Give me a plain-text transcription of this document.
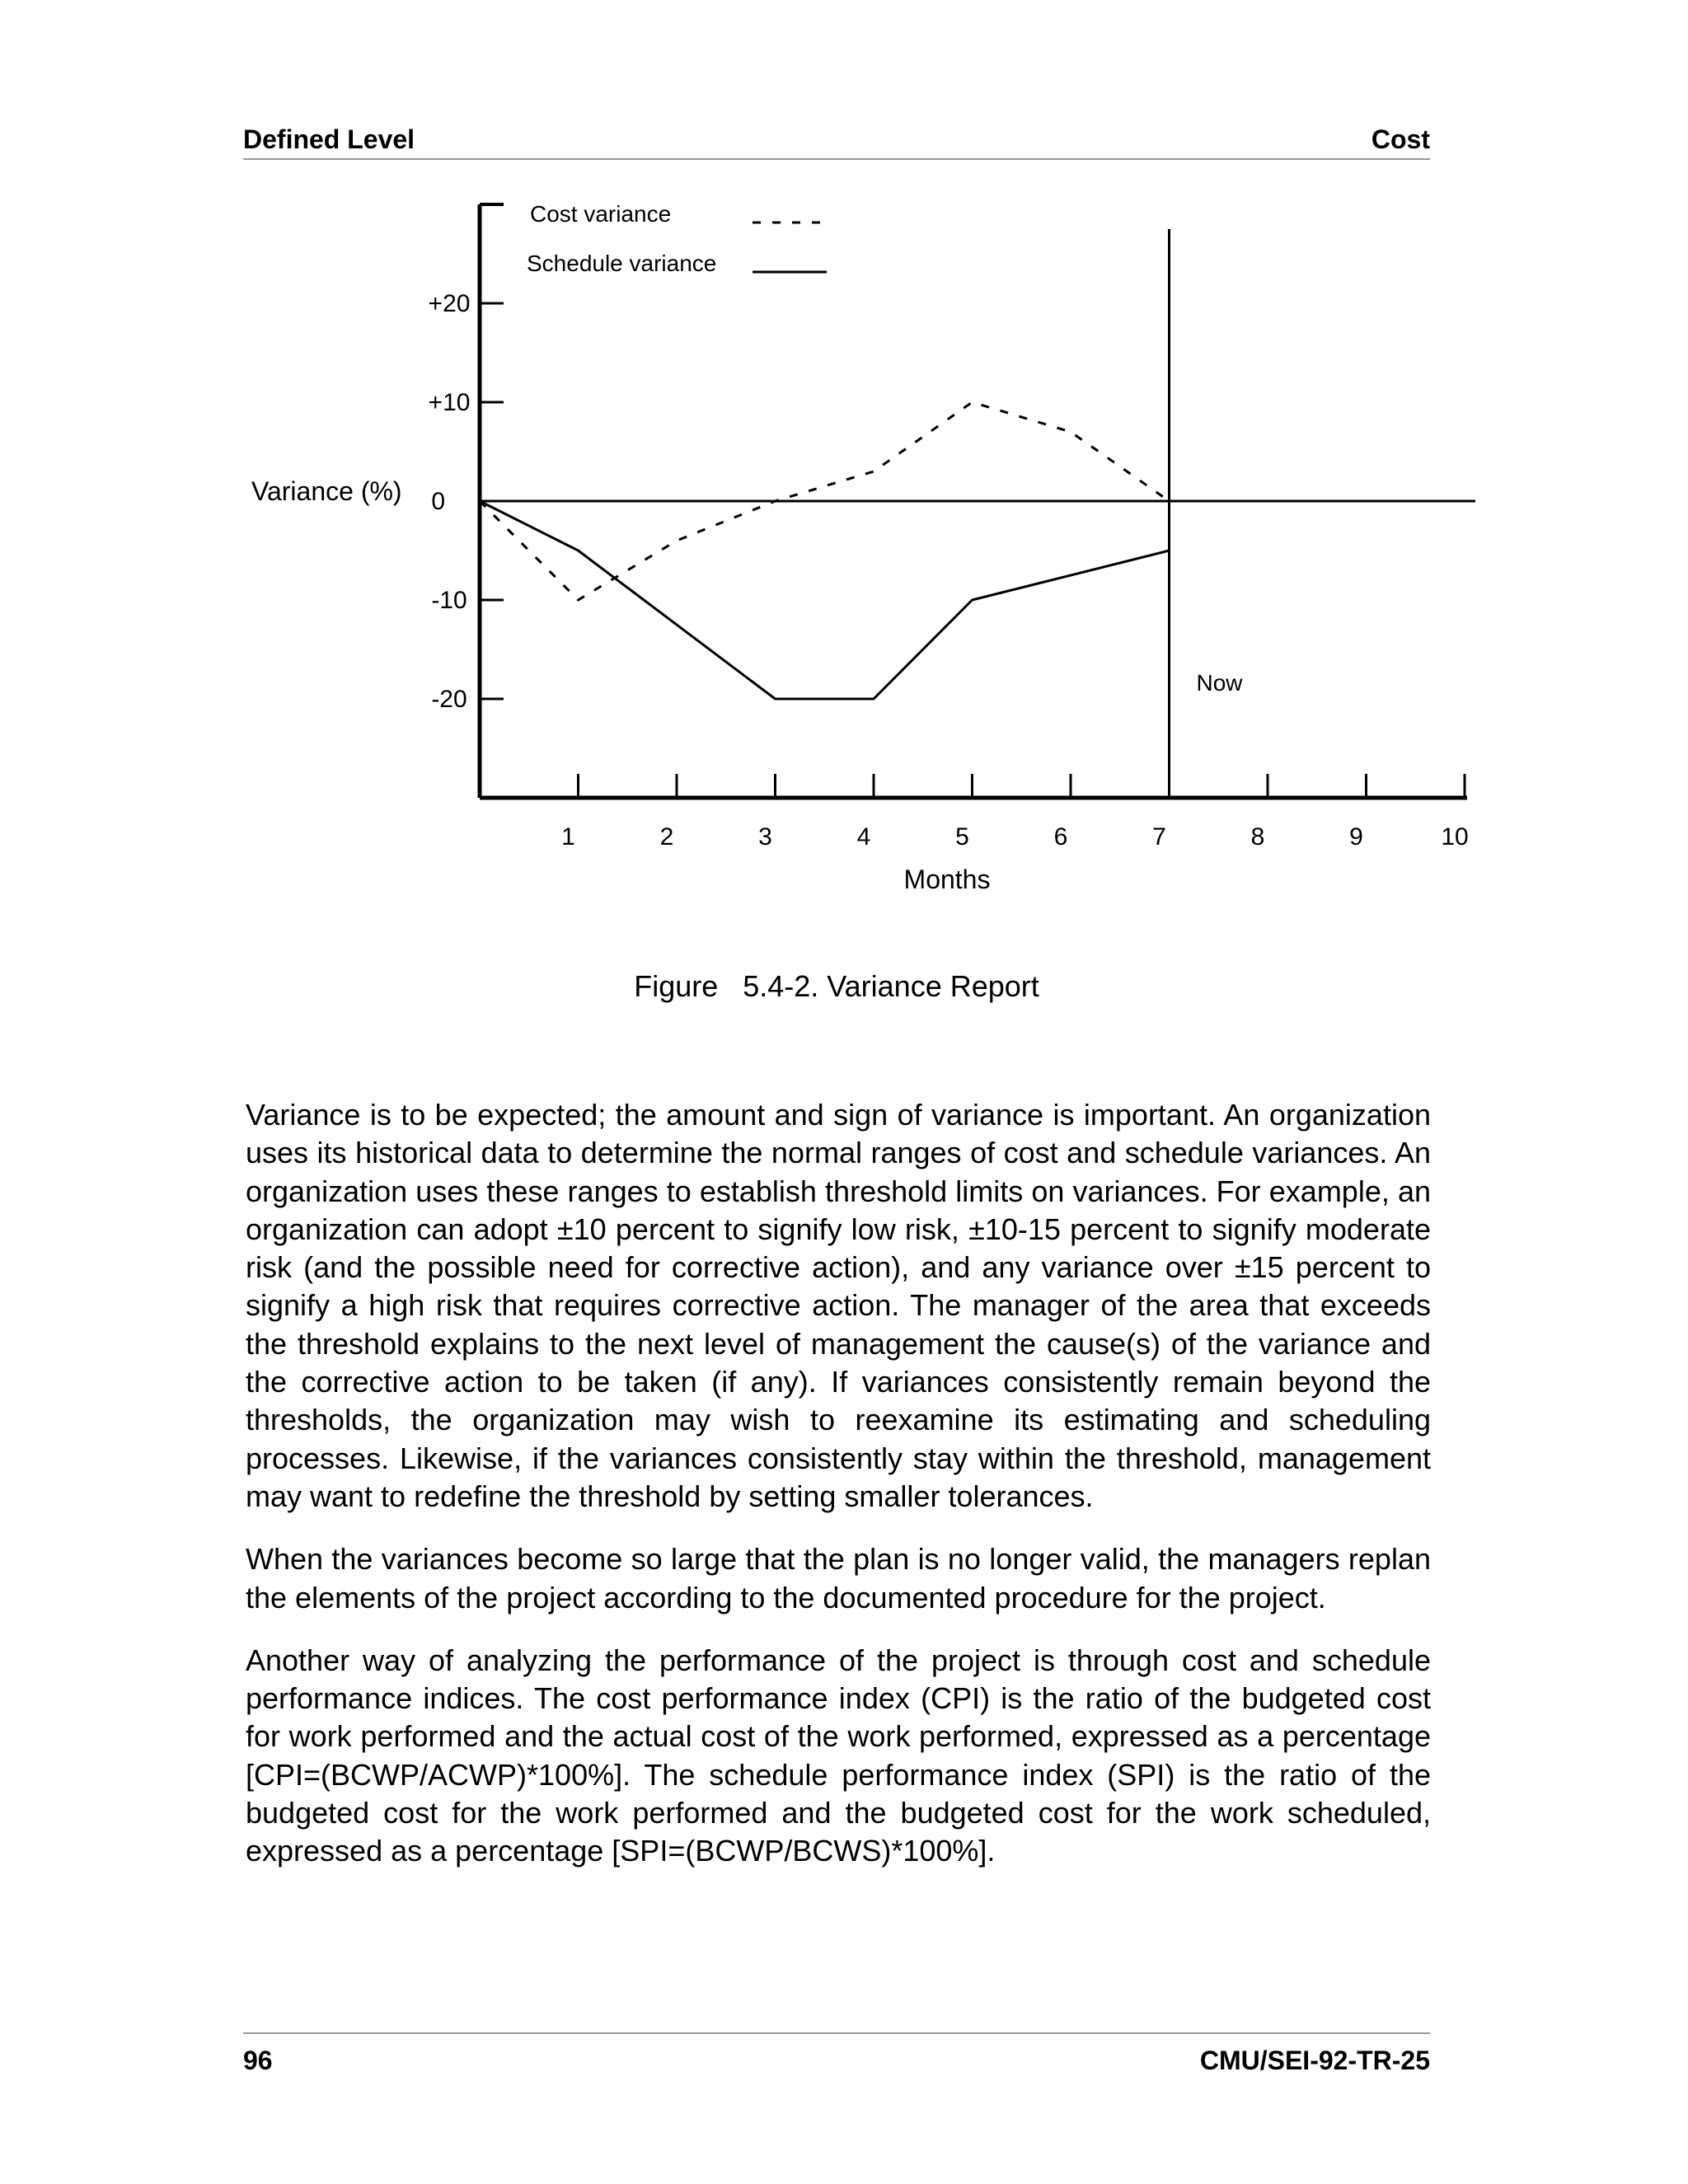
Defined Level	Cost
+20
+10
0
-10
-20
1	2	3	4	5	6	7	8	9	10
Now
Cost variance
Schedule variance
Variance (%)
Months
Figure   5.4-2. Variance Report

Variance is to be expected; the amount and sign of variance is important. An organization uses its historical data to determine the normal ranges of cost and schedule variances. An organization uses these ranges to establish threshold limits on variances. For example, an organization can adopt ±10 percent to signify low risk, ±10-15 percent to signify moderate risk (and the possible need for corrective action), and any variance over ±15 percent to signify a high risk that requires corrective action. The manager of the area that exceeds the threshold explains to the next level of management the cause(s) of the variance and the corrective action to be taken (if any). If variances consistently remain beyond the thresholds, the organization may wish to reexamine its estimating and scheduling processes. Likewise, if the variances consistently stay within the threshold, management may want to redefine the threshold by setting smaller tolerances.

When the variances become so large that the plan is no longer valid, the managers replan the elements of the project according to the documented procedure for the project.

Another way of analyzing the performance of the project is through cost and schedule performance indices. The cost performance index (CPI) is the ratio of the budgeted cost for work performed and the actual cost of the work performed, expressed as a percentage [CPI=(BCWP/ACWP)*100%]. The schedule performance index (SPI) is the ratio of the budgeted cost for the work performed and the budgeted cost for the work scheduled, expressed as a percentage [SPI=(BCWP/BCWS)*100%].

96	CMU/SEI-92-TR-25
